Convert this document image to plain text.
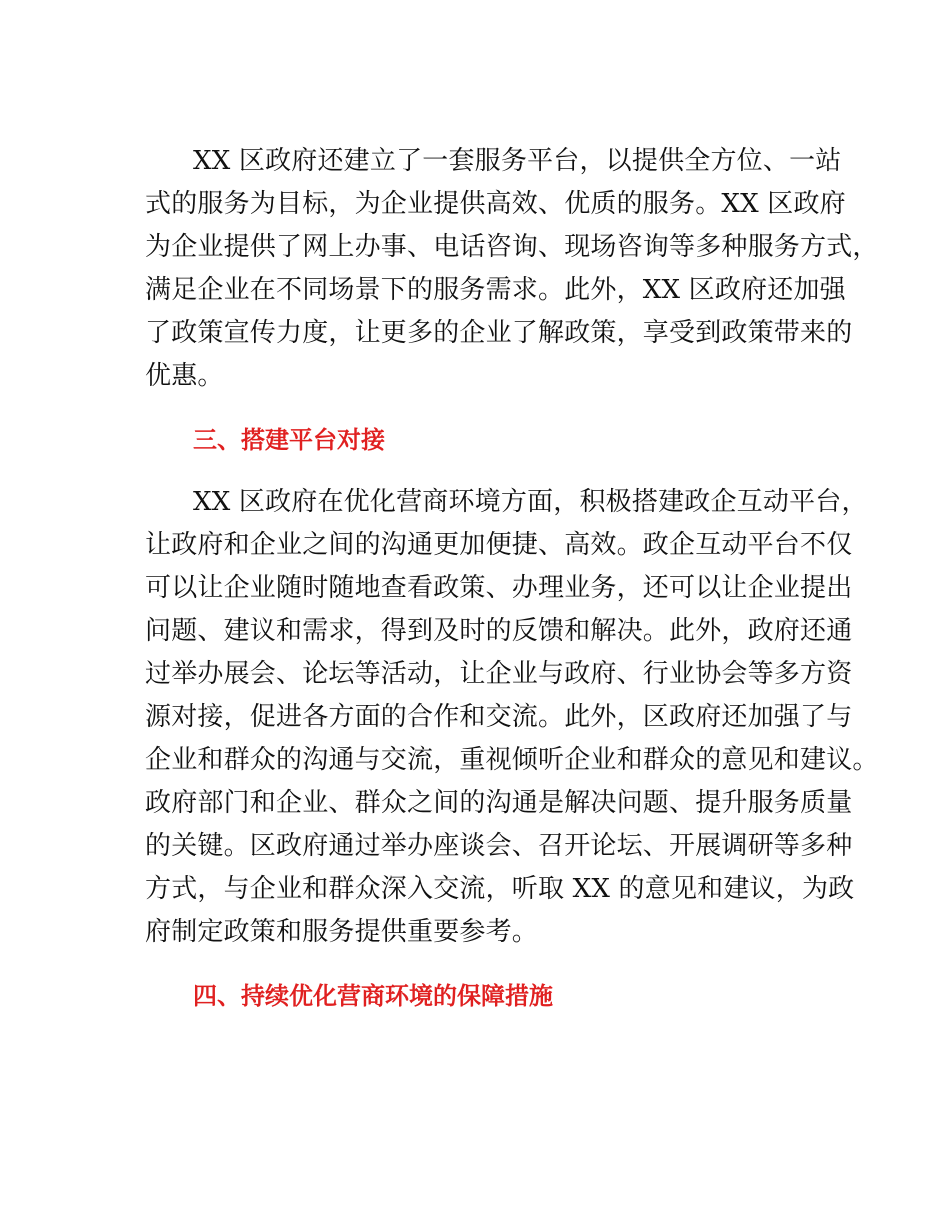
XX 区政府还建立了一套服务平台，以提供全方位、一站

式的服务为目标，为企业提供高效、优质的服务。XX 区政府

为企业提供了网上办事、电话咨询、现场咨询等多种服务方式，

满足企业在不同场景下的服务需求。此外，XX 区政府还加强

了政策宣传力度，让更多的企业了解政策，享受到政策带来的

优惠。

三、搭建平台对接

XX 区政府在优化营商环境方面，积极搭建政企互动平台，

让政府和企业之间的沟通更加便捷、高效。政企互动平台不仅

可以让企业随时随地查看政策、办理业务，还可以让企业提出

问题、建议和需求，得到及时的反馈和解决。此外，政府还通

过举办展会、论坛等活动，让企业与政府、行业协会等多方资

源对接，促进各方面的合作和交流。此外，区政府还加强了与

企业和群众的沟通与交流，重视倾听企业和群众的意见和建议。

政府部门和企业、群众之间的沟通是解决问题、提升服务质量

的关键。区政府通过举办座谈会、召开论坛、开展调研等多种

方式，与企业和群众深入交流，听取 XX 的意见和建议，为政

府制定政策和服务提供重要参考。

四、持续优化营商环境的保障措施
